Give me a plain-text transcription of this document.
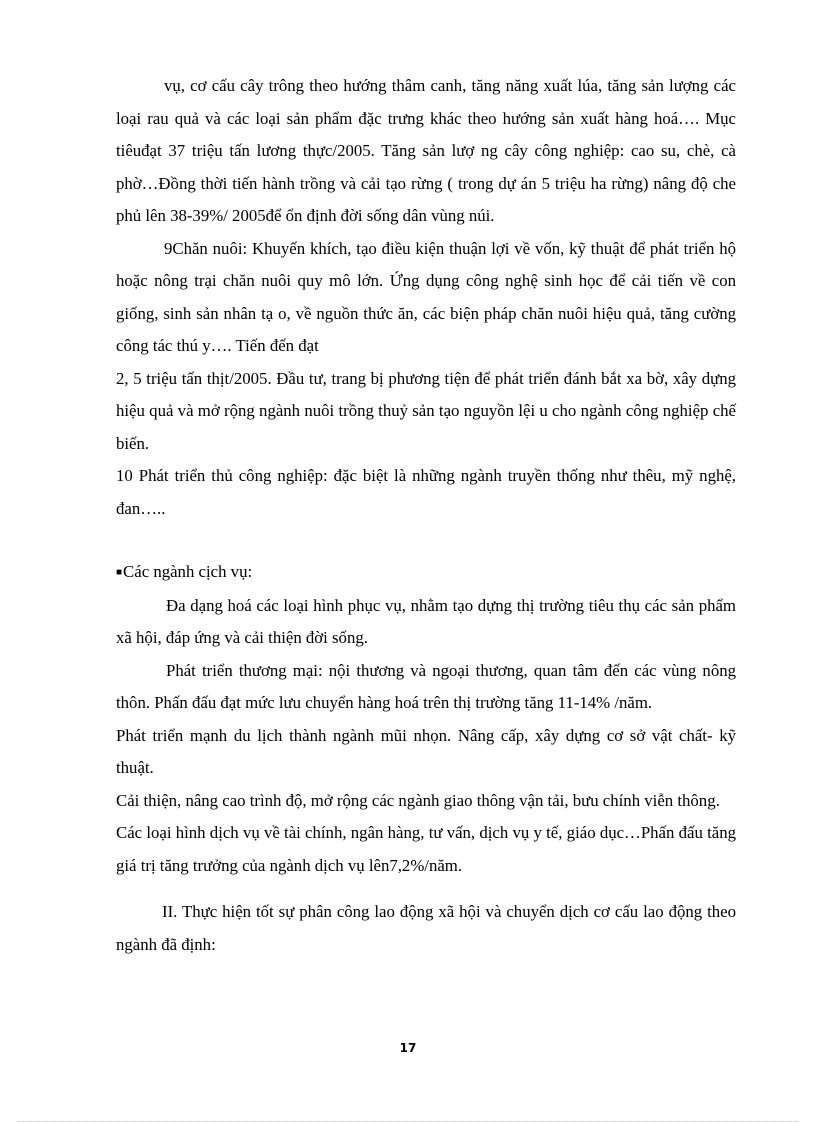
vụ, cơ cấu cây trông theo hướng thâm canh, tăng năng xuất lúa, tăng sản lượng các loại rau quả và các loại sản phẩm đặc trưng khác theo hướng sản xuất hàng hoá…. Mục tiêuđạt 37 triệu tấn lương thực/2005. Tăng sản lượ ng cây công nghiệp: cao su, chè, cà phờ…Đồng thời tiến hành trồng và cải tạo rừng ( trong dự án 5 triệu ha rừng) nâng độ che phủ lên 38-39%/ 2005để ổn định đời sống dân vùng núi.

9Chăn nuôi: Khuyến khích, tạo điều kiện thuận lợi về vốn, kỹ thuật để phát triển hộ hoặc nông trại chăn nuôi quy mô lớn. Ứng dụng công nghệ sinh học để cải tiến về con giống, sinh sản nhân tạ o, về nguồn thức ăn, các biện pháp chăn nuôi hiệu quả, tăng cường công tác thú y…. Tiến đến đạt

2, 5 triệu tấn thịt/2005. Đầu tư, trang bị phương tiện để phát triển đánh bắt xa bờ, xây dựng hiệu quả và mở rộng ngành nuôi trồng thuỷ sản tạo nguyồn lệi u cho ngành công nghiệp chế biến.

10 Phát triển thủ công nghiệp: đặc biệt là những ngành truyền thống như thêu, mỹ nghệ, đan…..

■Các ngành cịch vụ:

Đa dạng hoá các loại hình phục vụ, nhằm tạo dựng thị trường tiêu thụ các sản phẩm xã hội, đáp ứng và cải thiện đời sống.

Phát triển thương mại: nội thương và ngoại thương, quan tâm đến các vùng nông thôn. Phấn đấu đạt mức lưu chuyển hàng hoá trên thị trường tăng 11-14% /năm.

Phát triển mạnh du lịch thành ngành mũi nhọn. Nâng cấp, xây dựng cơ sở vật chất- kỹ thuật.

Cải thiện, nâng cao trình độ, mở rộng các ngành giao thông vận tải, bưu chính viễn thông.

Các loại hình dịch vụ về tài chính, ngân hàng, tư vấn, dịch vụ y tế, giáo dục…Phấn đấu tăng giá trị tăng trưởng của ngành dịch vụ lên7,2%/năm.

II. Thực hiện tốt sự phân công lao động xã hội và chuyển dịch cơ cấu lao động theo ngành đã định:

17
